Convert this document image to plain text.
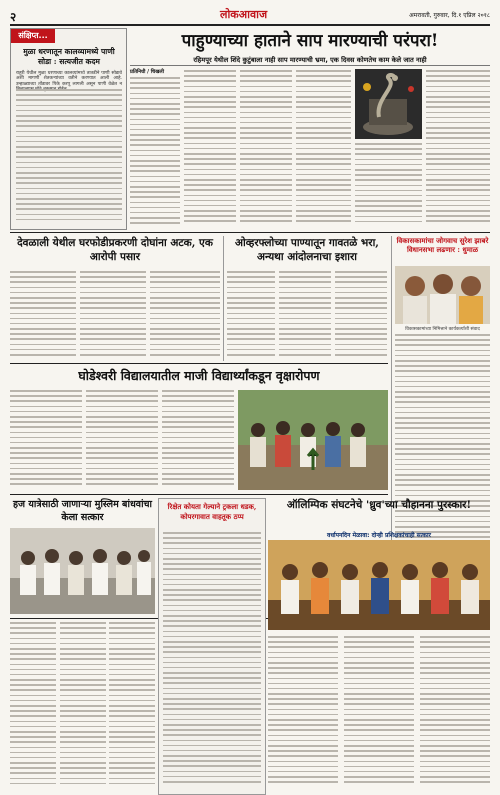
२	लोकआवाज	अमरावती, गुरुवार, दि.१ एप्रिल २०१८
संक्षिप्त...
मुळा धरणातून कालव्यामध्ये पाणी सोडा : सत्यजीत कदम
राहुरी येथील मुळा धरणाच्या कालव्यांमध्ये तातडीने पाणी सोडावे अशी मागणी शेतकऱ्यांच्या वतीने करण्यात आली आहे. उन्हाळ्याच्या तोंडावर पिके करपू लागली असून पाणी वेळेत न
पाहुण्याच्या हाताने साप मारण्याची परंपरा!
रहिमपूर येथील शिंदे कुटुंबाला नाही साप मारण्याची भ्रमा, एक दिवस कोणतेच काम केले जात नाही
प्रतिनिधी / चिखली
देवळाली येथील घरफोडीप्रकरणी दोघांना अटक, एक आरोपी पसार
ओव्हरफ्लोच्या पाण्यातून गावतळे भरा, अन्यथा आंदोलनाचा इशारा
विकासकामांचा जोगवाच सुरेश झाबरे विधानसभा लढणार : धुमाळ
विकासकामांच्या निमित्ताने कार्यकर्त्यांशी संवाद
घोडेश्वरी विद्यालयातील माजी विद्यार्थ्यांकडून वृक्षारोपण
हज यात्रेसाठी जाणाऱ्या मुस्लिम बांधवांचा केला सत्कार
ऑलिम्पिक संघटनेचे 'ध्रुव'च्या चौहानना पुरस्कार!
वर्धापनदिन मेळावा: दोन्ही प्रशिक्षकांचाही सत्कार
रिक्षेत कोयता गेल्याने ट्रकला धडक, कोपरगावात वाहतूक ठप्प
